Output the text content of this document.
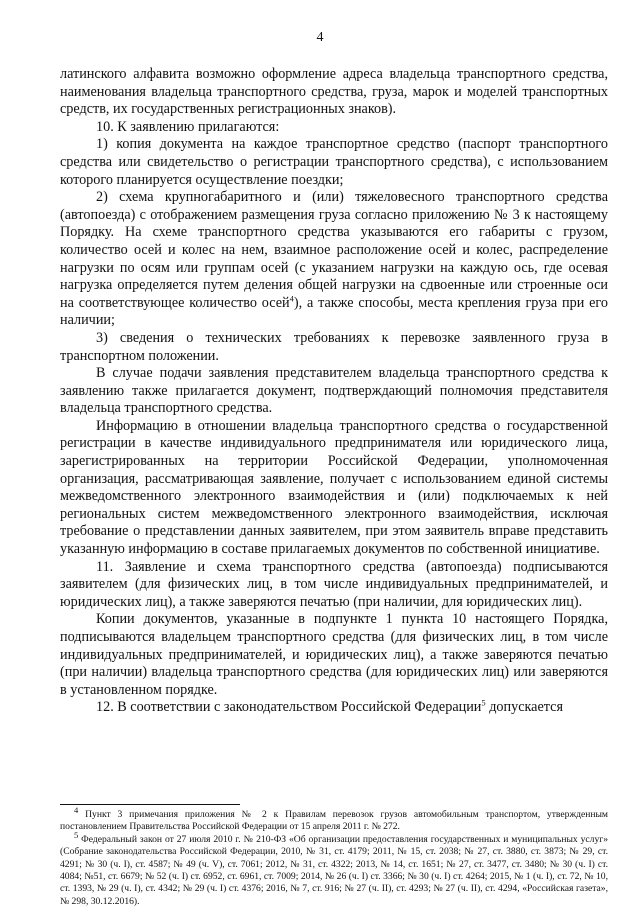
4

латинского алфавита возможно оформление адреса владельца транспортного средства, наименования владельца транспортного средства, груза, марок и моделей транспортных средств, их государственных регистрационных знаков).

10. К заявлению прилагаются:

1) копия документа на каждое транспортное средство (паспорт транспортного средства или свидетельство о регистрации транспортного средства), с использованием которого планируется осуществление поездки;

2) схема крупногабаритного и (или) тяжеловесного транспортного средства (автопоезда) с отображением размещения груза согласно приложению № 3 к настоящему Порядку. На схеме транспортного средства указываются его габариты с грузом, количество осей и колес на нем, взаимное расположение осей и колес, распределение нагрузки по осям или группам осей (с указанием нагрузки на каждую ось, где осевая нагрузка определяется путем деления общей нагрузки на сдвоенные или строенные оси на соответствующее количество осей$^4$), а также способы, места крепления груза при его наличии;

3) сведения о технических требованиях к перевозке заявленного груза в транспортном положении.

В случае подачи заявления представителем владельца транспортного средства к заявлению также прилагается документ, подтверждающий полномочия представителя владельца транспортного средства.

Информацию в отношении владельца транспортного средства о государственной регистрации в качестве индивидуального предпринимателя или юридического лица, зарегистрированных на территории Российской Федерации, уполномоченная организация, рассматривающая заявление, получает с использованием единой системы межведомственного электронного взаимодействия и (или) подключаемых к ней региональных систем межведомственного электронного взаимодействия, исключая требование о представлении данных заявителем, при этом заявитель вправе представить указанную информацию в составе прилагаемых документов по собственной инициативе.

11. Заявление и схема транспортного средства (автопоезда) подписываются заявителем (для физических лиц, в том числе индивидуальных предпринимателей, и юридических лиц), а также заверяются печатью (при наличии, для юридических лиц).

Копии документов, указанные в подпункте 1 пункта 10 настоящего Порядка, подписываются владельцем транспортного средства (для физических лиц, в том числе индивидуальных предпринимателей, и юридических лиц), а также заверяются печатью (при наличии) владельца транспортного средства (для юридических лиц) или заверяются в установленном порядке.

12. В соответствии с законодательством Российской Федерации$^5$ допускается

$^4$ Пункт 3 примечания приложения № 2 к Правилам перевозок грузов автомобильным транспортом, утвержденным постановлением Правительства Российской Федерации от 15 апреля 2011 г. № 272.

$^5$ Федеральный закон от 27 июля 2010 г. № 210-ФЗ «Об организации предоставления государственных и муниципальных услуг» (Собрание законодательства Российской Федерации, 2010, № 31, ст. 4179; 2011, № 15, ст. 2038; № 27, ст. 3880, ст. 3873; № 29, ст. 4291; № 30 (ч. I), ст. 4587; № 49 (ч. V), ст. 7061; 2012, № 31, ст. 4322; 2013, № 14, ст. 1651; № 27, ст. 3477, ст. 3480; № 30 (ч. I) ст. 4084; №51, ст. 6679; № 52 (ч. I) ст. 6952, ст. 6961, ст. 7009; 2014, № 26 (ч. I) ст. 3366; № 30 (ч. I) ст. 4264; 2015, № 1 (ч. I), ст. 72, № 10, ст. 1393, № 29 (ч. I), ст. 4342; № 29 (ч. I) ст. 4376; 2016, № 7, ст. 916; № 27 (ч. II), ст. 4293; № 27 (ч. II), ст. 4294, «Российская газета», № 298, 30.12.2016).
